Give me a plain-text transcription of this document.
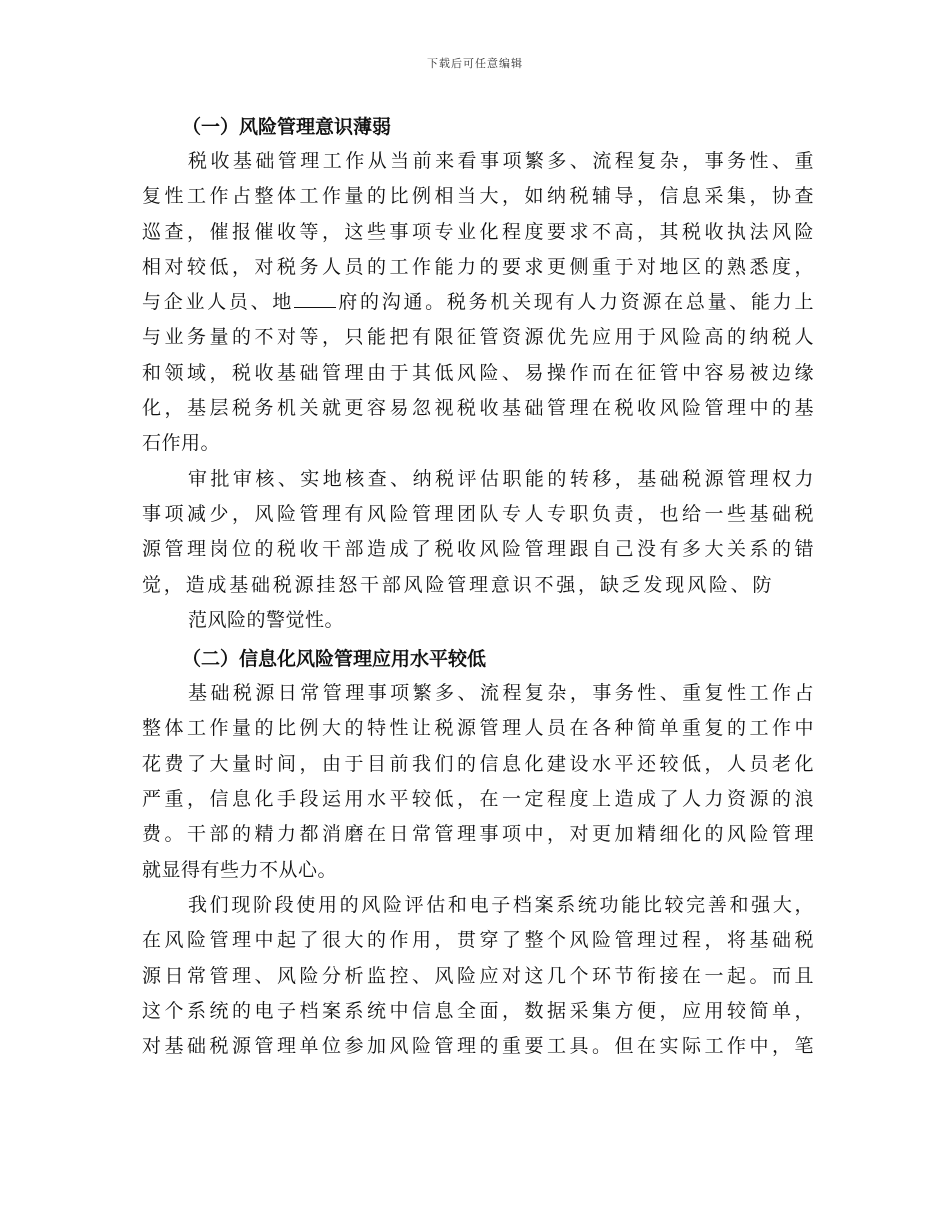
下载后可任意编辑
（一）风险管理意识薄弱
税收基础管理工作从当前来看事项繁多、流程复杂，事务性、重
复性工作占整体工作量的比例相当大，如纳税辅导，信息采集，协查
巡查，催报催收等，这些事项专业化程度要求不高，其税收执法风险
相对较低，对税务人员的工作能力的要求更侧重于对地区的熟悉度，
与企业人员、地 府的沟通。税务机关现有人力资源在总量、能力上
与业务量的不对等，只能把有限征管资源优先应用于风险高的纳税人
和领域，税收基础管理由于其低风险、易操作而在征管中容易被边缘
化，基层税务机关就更容易忽视税收基础管理在税收风险管理中的基
石作用。
审批审核、实地核查、纳税评估职能的转移，基础税源管理权力
事项减少，风险管理有风险管理团队专人专职负责，也给一些基础税
源管理岗位的税收干部造成了税收风险管理跟自己没有多大关系的错
觉，造成基础税源挂怒干部风险管理意识不强，缺乏发现风险、防
范风险的警觉性。
（二）信息化风险管理应用水平较低
基础税源日常管理事项繁多、流程复杂，事务性、重复性工作占
整体工作量的比例大的特性让税源管理人员在各种简单重复的工作中
花费了大量时间，由于目前我们的信息化建设水平还较低，人员老化
严重，信息化手段运用水平较低，在一定程度上造成了人力资源的浪
费。干部的精力都消磨在日常管理事项中，对更加精细化的风险管理
就显得有些力不从心。
我们现阶段使用的风险评估和电子档案系统功能比较完善和强大，
在风险管理中起了很大的作用，贯穿了整个风险管理过程，将基础税
源日常管理、风险分析监控、风险应对这几个环节衔接在一起。而且
这个系统的电子档案系统中信息全面，数据采集方便，应用较简单，
对基础税源管理单位参加风险管理的重要工具。但在实际工作中，笔
